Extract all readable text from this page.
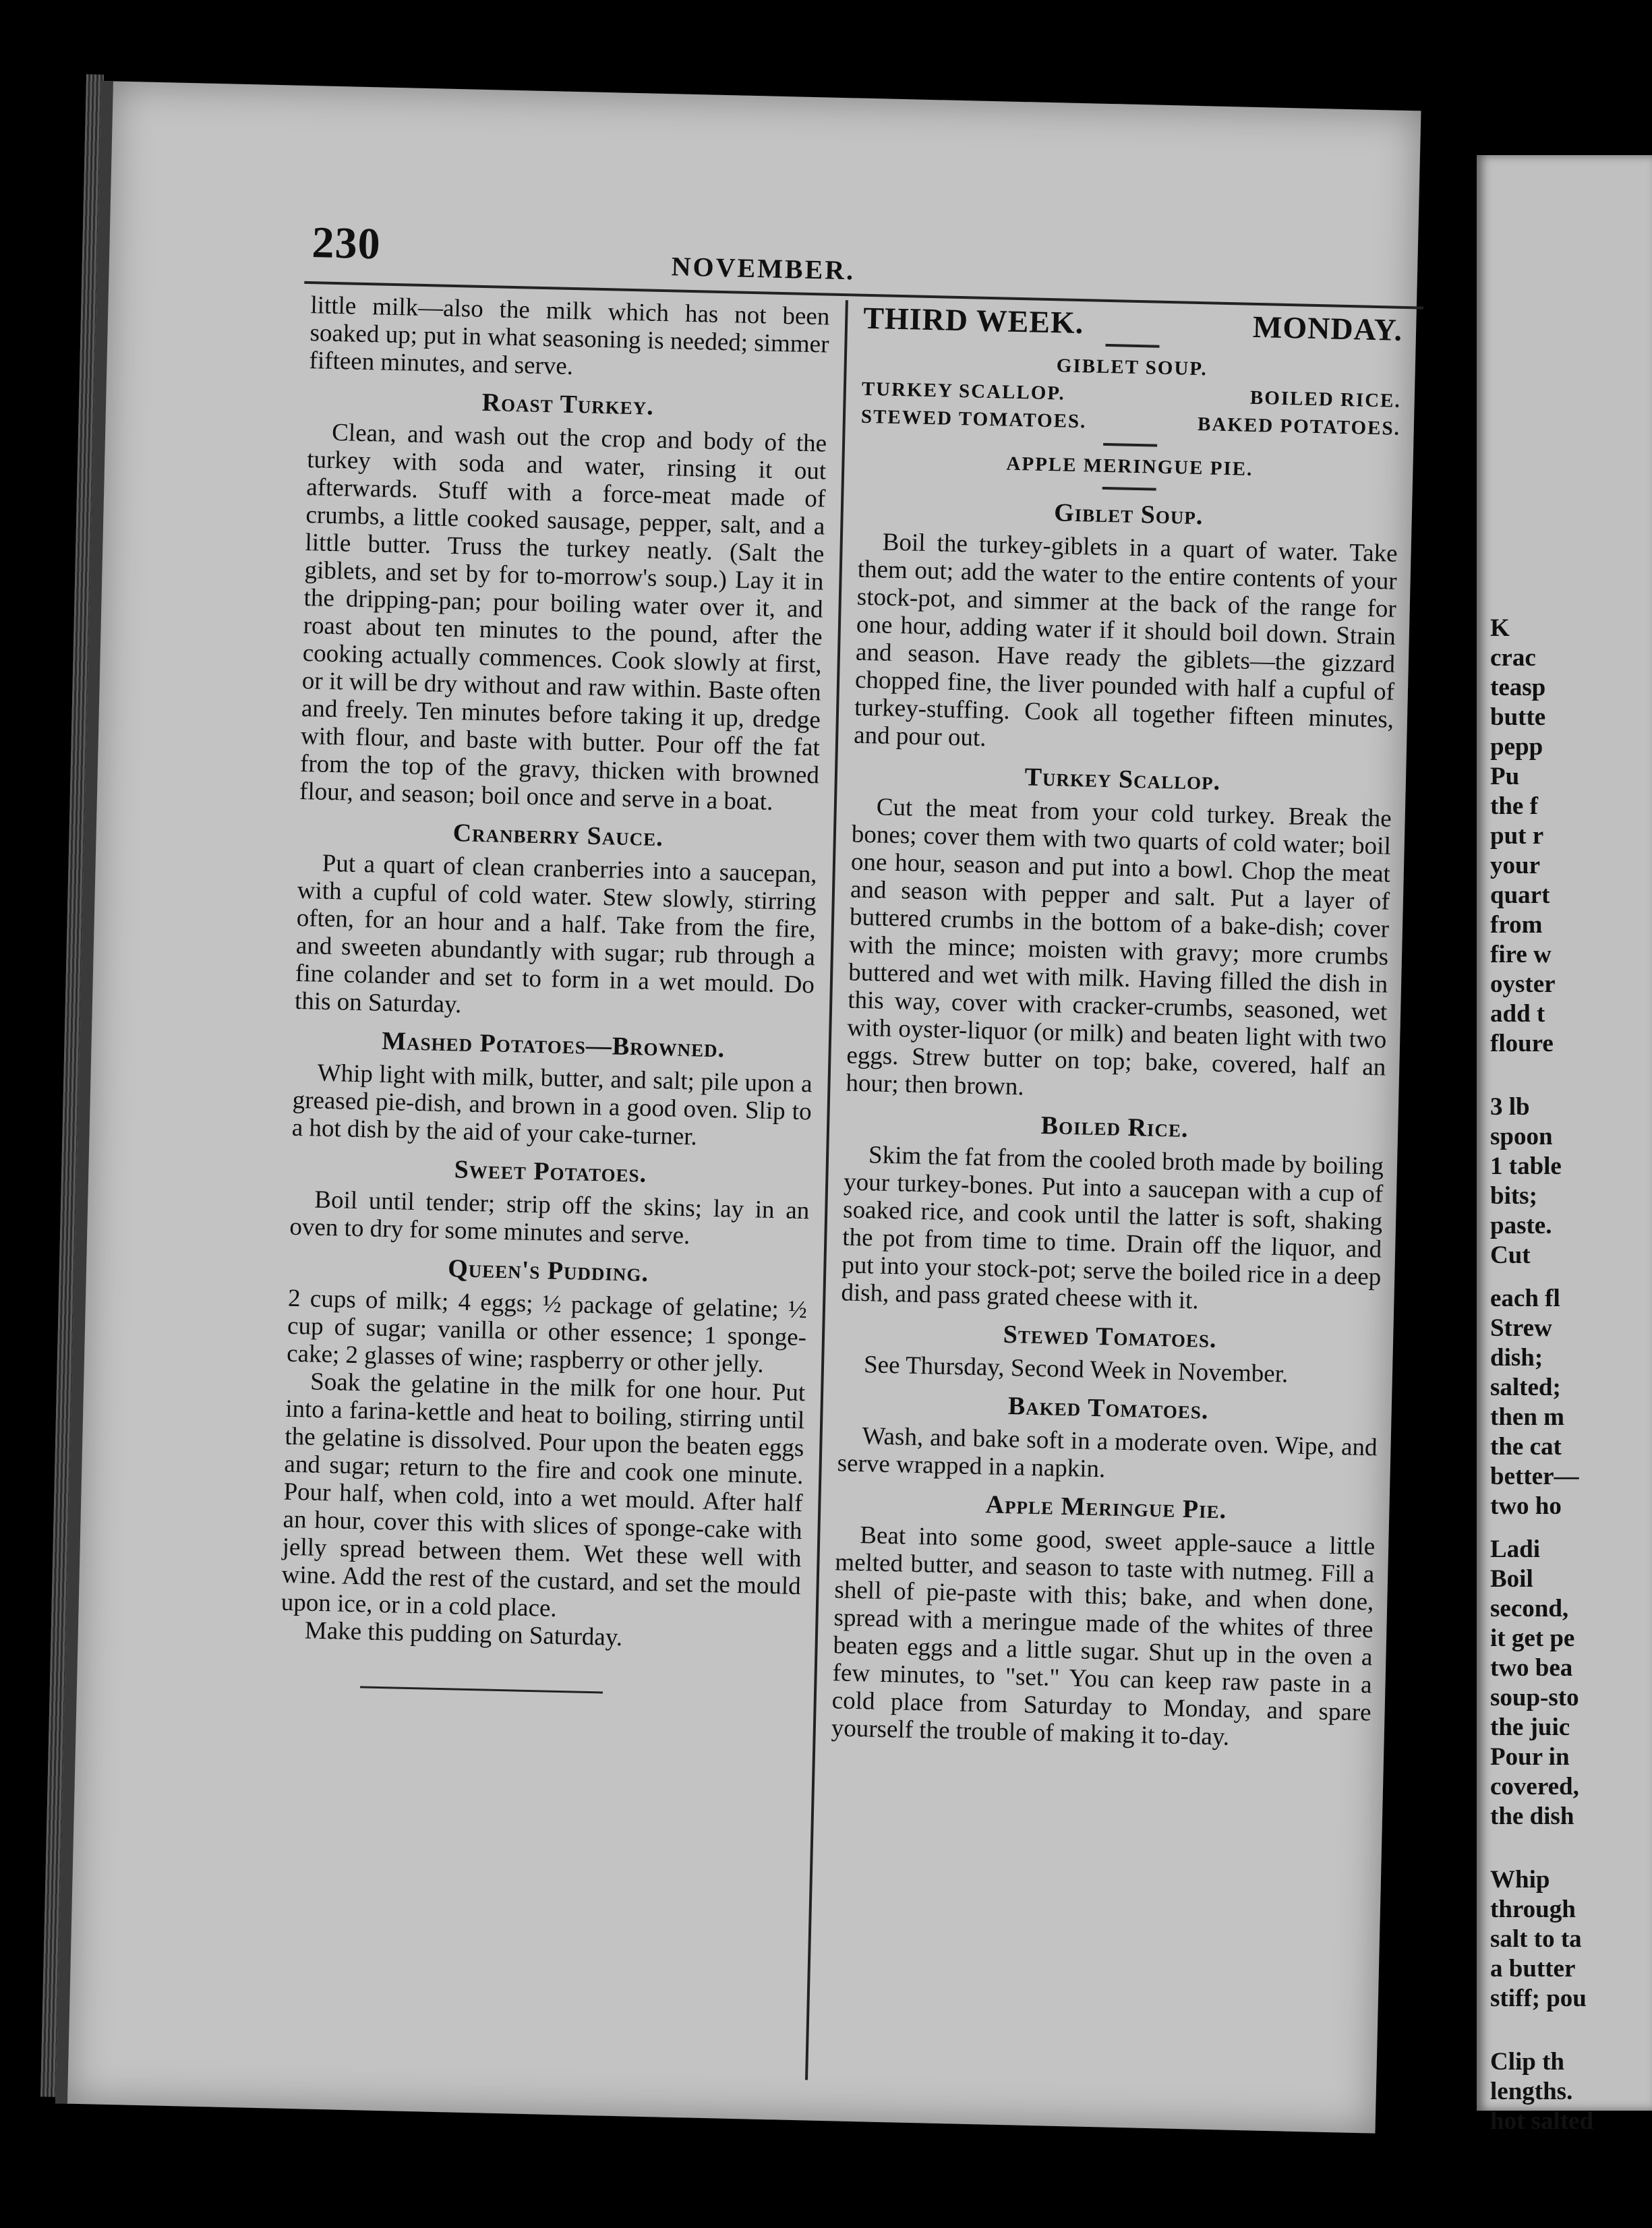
230	NOVEMBER.

little milk—also the milk which has not been soaked up; put in what seasoning is needed; simmer fifteen minutes, and serve.

Roast Turkey.

Clean, and wash out the crop and body of the turkey with soda and water, rinsing it out afterwards. Stuff with a force-meat made of crumbs, a little cooked sausage, pepper, salt, and a little butter. Truss the turkey neatly. (Salt the giblets, and set by for to-morrow's soup.) Lay it in the dripping-pan; pour boiling water over it, and roast about ten minutes to the pound, after the cooking actually commences. Cook slowly at first, or it will be dry without and raw within. Baste often and freely. Ten minutes before taking it up, dredge with flour, and baste with butter. Pour off the fat from the top of the gravy, thicken with browned flour, and season; boil once and serve in a boat.

Cranberry Sauce.

Put a quart of clean cranberries into a saucepan, with a cupful of cold water. Stew slowly, stirring often, for an hour and a half. Take from the fire, and sweeten abundantly with sugar; rub through a fine colander and set to form in a wet mould. Do this on Saturday.

Mashed Potatoes—Browned.

Whip light with milk, butter, and salt; pile upon a greased pie-dish, and brown in a good oven. Slip to a hot dish by the aid of your cake-turner.

Sweet Potatoes.

Boil until tender; strip off the skins; lay in an oven to dry for some minutes and serve.

Queen's Pudding.

2 cups of milk; 4 eggs; ½ package of gelatine; ½ cup of sugar; vanilla or other essence; 1 sponge-cake; 2 glasses of wine; raspberry or other jelly.

Soak the gelatine in the milk for one hour. Put into a farina-kettle and heat to boiling, stirring until the gelatine is dissolved. Pour upon the beaten eggs and sugar; return to the fire and cook one minute. Pour half, when cold, into a wet mould. After half an hour, cover this with slices of sponge-cake with jelly spread between them. Wet these well with wine. Add the rest of the custard, and set the mould upon ice, or in a cold place.

Make this pudding on Saturday.

THIRD WEEK.	MONDAY.
GIBLET SOUP.
TURKEY SCALLOP.	BOILED RICE.
STEWED TOMATOES.	BAKED POTATOES.
APPLE MERINGUE PIE.
Giblet Soup.

Boil the turkey-giblets in a quart of water. Take them out; add the water to the entire contents of your stock-pot, and simmer at the back of the range for one hour, adding water if it should boil down. Strain and season. Have ready the giblets—the gizzard chopped fine, the liver pounded with half a cupful of turkey-stuffing. Cook all together fifteen minutes, and pour out.

Turkey Scallop.

Cut the meat from your cold turkey. Break the bones; cover them with two quarts of cold water; boil one hour, season and put into a bowl. Chop the meat and season with pepper and salt. Put a layer of buttered crumbs in the bottom of a bake-dish; cover with the mince; moisten with gravy; more crumbs buttered and wet with milk. Having filled the dish in this way, cover with cracker-crumbs, seasoned, wet with oyster-liquor (or milk) and beaten light with two eggs. Strew butter on top; bake, covered, half an hour; then brown.

Boiled Rice.

Skim the fat from the cooled broth made by boiling your turkey-bones. Put into a saucepan with a cup of soaked rice, and cook until the latter is soft, shaking the pot from time to time. Drain off the liquor, and put into your stock-pot; serve the boiled rice in a deep dish, and pass grated cheese with it.

Stewed Tomatoes.

See Thursday, Second Week in November.

Baked Tomatoes.

Wash, and bake soft in a moderate oven. Wipe, and serve wrapped in a napkin.

Apple Meringue Pie.

Beat into some good, sweet apple-sauce a little melted butter, and season to taste with nutmeg. Fill a shell of pie-paste with this; bake, and when done, spread with a meringue made of the whites of three beaten eggs and a little sugar. Shut up in the oven a few minutes, to "set." You can keep raw paste in a cold place from Saturday to Monday, and spare yourself the trouble of making it to-day.

K
crac
teasp
butte
pepp
Pu
the f
put r
your
quart
from
fire w
oyster
add t
floure
3 lb
spoon
1 table
bits;
paste.
Cut
each fl
Strew
dish;
salted;
then m
the cat
better—
two ho
Ladi
Boil
second,
it get pe
two bea
soup-sto
the juic
Pour in
covered,
the dish
Whip
through
salt to ta
a butter
stiff; pou
Clip th
lengths.
hot salted
